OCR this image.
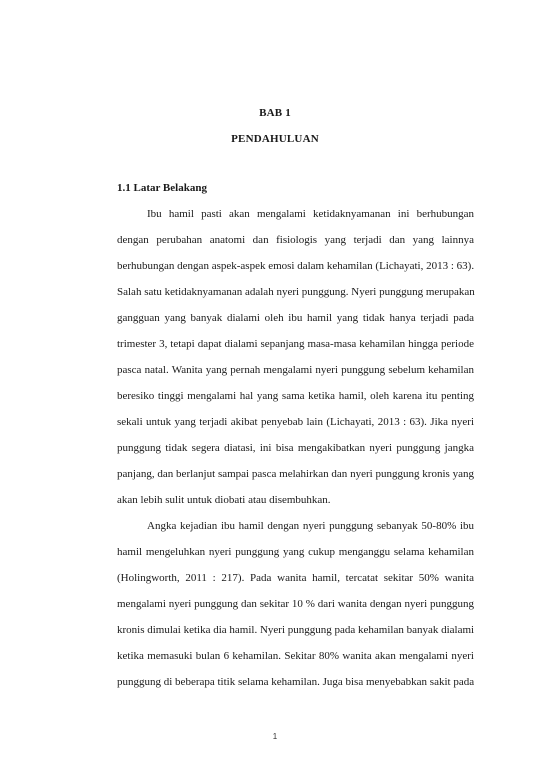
BAB 1
PENDAHULUAN
1.1 Latar Belakang
Ibu hamil pasti akan mengalami ketidaknyamanan ini berhubungan
dengan perubahan anatomi dan fisiologis yang terjadi dan yang lainnya
berhubungan dengan aspek-aspek emosi dalam kehamilan (Lichayati, 2013 : 63).
Salah satu ketidaknyamanan adalah nyeri punggung. Nyeri punggung merupakan
gangguan yang banyak dialami oleh ibu hamil yang tidak hanya terjadi pada
trimester 3, tetapi dapat dialami sepanjang masa-masa kehamilan hingga periode
pasca natal. Wanita yang pernah mengalami nyeri punggung sebelum kehamilan
beresiko tinggi mengalami hal yang sama ketika hamil, oleh karena itu penting
sekali untuk yang terjadi akibat penyebab lain (Lichayati, 2013 : 63). Jika nyeri
punggung tidak segera diatasi, ini bisa mengakibatkan nyeri punggung jangka
panjang, dan berlanjut sampai pasca melahirkan dan nyeri punggung kronis yang
akan lebih sulit untuk diobati atau disembuhkan.
Angka kejadian ibu hamil dengan nyeri punggung sebanyak 50-80% ibu
hamil mengeluhkan nyeri punggung yang cukup menganggu selama kehamilan
(Holingworth, 2011 : 217). Pada wanita hamil, tercatat sekitar 50% wanita
mengalami nyeri punggung dan sekitar 10 % dari wanita dengan nyeri punggung
kronis dimulai ketika dia hamil. Nyeri punggung pada kehamilan banyak dialami
ketika memasuki bulan 6 kehamilan. Sekitar 80% wanita akan mengalami nyeri
punggung di beberapa titik selama kehamilan. Juga bisa menyebabkan sakit pada
1
